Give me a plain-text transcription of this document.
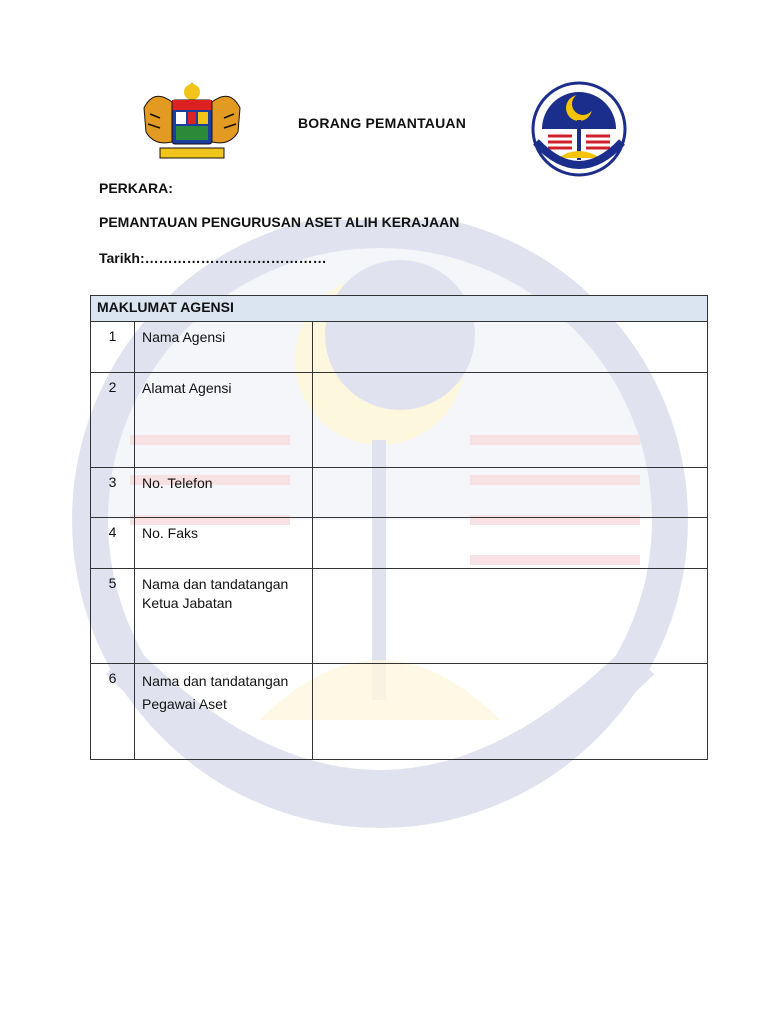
BORANG PEMANTAUAN
PERKARA:
PEMANTAUAN PENGURUSAN ASET ALIH KERAJAAN
Tarikh:…………………………………
MAKLUMAT AGENSI		
1	Nama Agensi	
2	Alamat Agensi	
3	No. Telefon	
4	No. Faks	
5	Nama dan tandatangan Ketua Jabatan	
6	Nama dan tandatangan Pegawai Aset	
